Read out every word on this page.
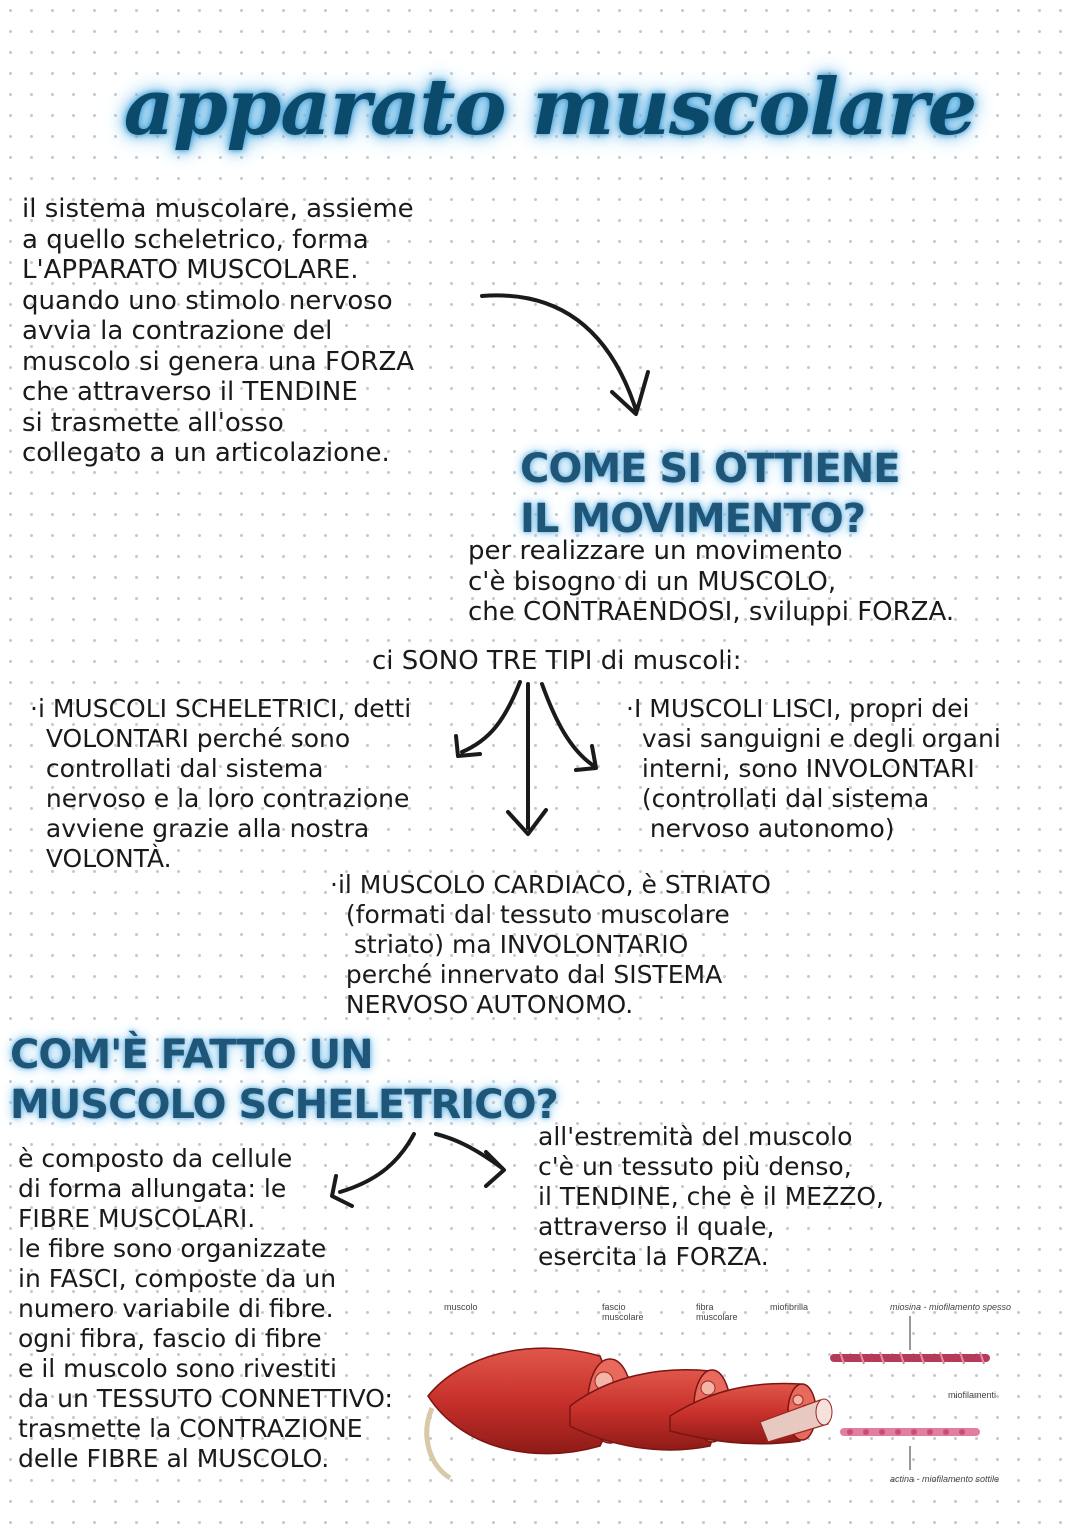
apparato muscolare
il sistema muscolare, assieme
a quello scheletrico, forma
L'APPARATO MUSCOLARE.
quando uno stimolo nervoso
avvia la contrazione del
muscolo si genera una FORZA
che attraverso il TENDINE
si trasmette all'osso
collegato a un articolazione.	COME SI OTTIENE
IL MOVIMENTO?
per realizzare un movimento
c'è bisogno di un MUSCOLO,
che CONTRAENDOSI, sviluppi FORZA.
ci SONO TRE TIPI di muscoli:
·i MUSCOLI SCHELETRICI, detti
VOLONTARI perché sono
controllati dal sistema
nervoso e la loro contrazione
avviene grazie alla nostra
VOLONTÀ.
·I MUSCOLI LISCI, propri dei
vasi sanguigni e degli organi
interni, sono INVOLONTARI
(controllati dal sistema
nervoso autonomo)
·il MUSCOLO CARDIACO, è STRIATO
(formati dal tessuto muscolare
striato) ma INVOLONTARIO
perché innervato dal SISTEMA
NERVOSO AUTONOMO.
COM'È FATTO UN
MUSCOLO SCHELETRICO?
è composto da cellule
di forma allungata: le
FIBRE MUSCOLARI.
le fibre sono organizzate
in FASCI, composte da un
numero variabile di fibre.
ogni fibra, fascio di fibre
e il muscolo sono rivestiti
da un TESSUTO CONNETTIVO:
trasmette la CONTRAZIONE
delle FIBRE al MUSCOLO.
all'estremità del muscolo
c'è un tessuto più denso,
il TENDINE, che è il MEZZO,
attraverso il quale,
esercita la FORZA.
muscolo	fascio
muscolare
fibra
muscolare
miofibrilla	miosina - miofilamento spesso
miofilamenti
actina - miofilamento sottile
